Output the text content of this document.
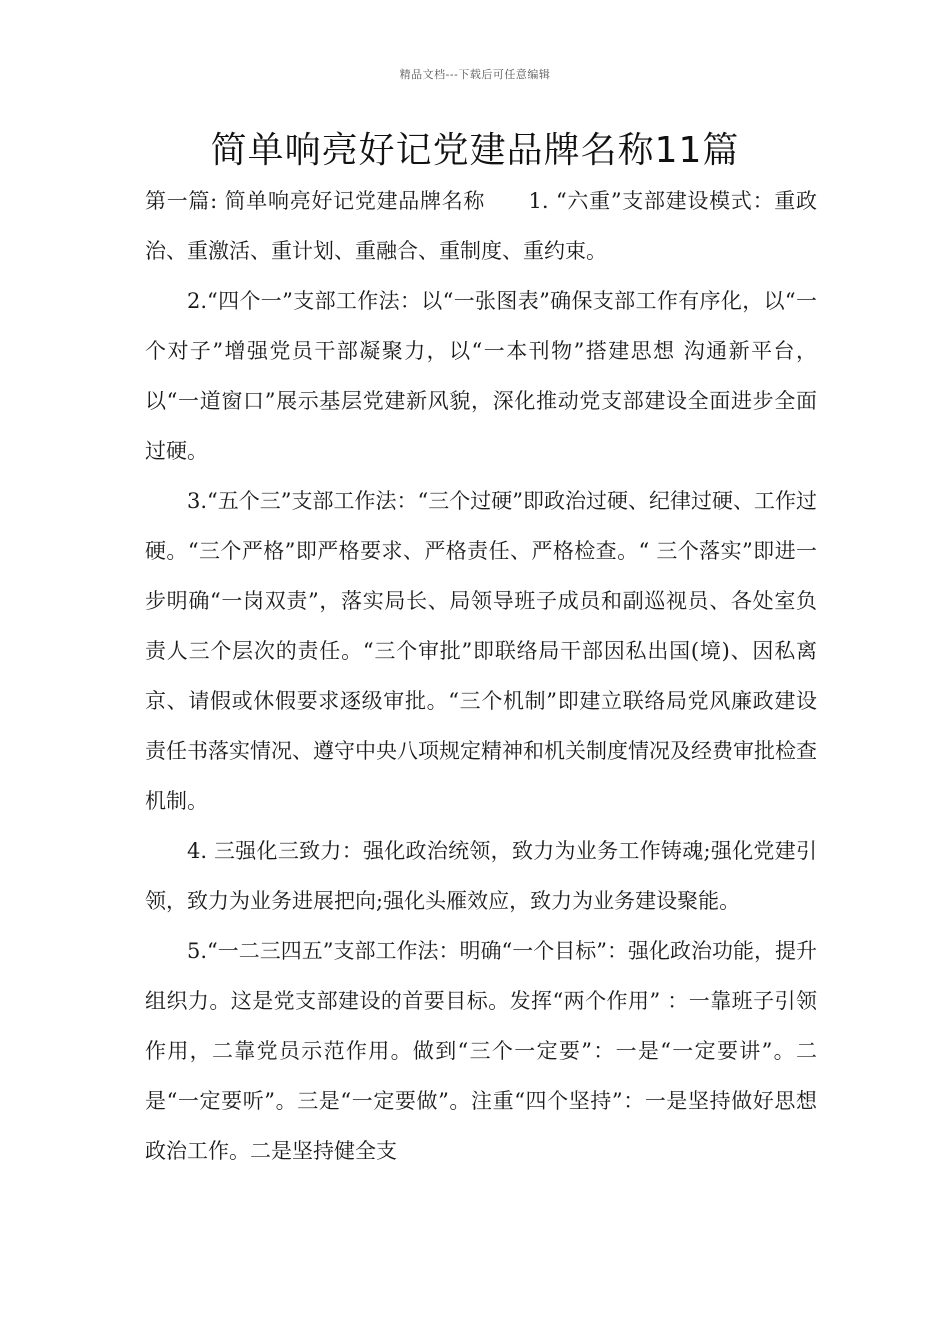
精品文档---下载后可任意编辑
简单响亮好记党建品牌名称11篇

第一篇: 简单响亮好记党建品牌名称　　1. “六重”支部建设模式：重政治、重激活、重计划、重融合、重制度、重约束。

2.“四个一”支部工作法：以“一张图表”确保支部工作有序化，以“一个对子”增强党员干部凝聚力，以“一本刊物”搭建思想 沟通新平台，以“一道窗口”展示基层党建新风貌，深化推动党支部建设全面进步全面过硬。

3.“五个三”支部工作法：“三个过硬”即政治过硬、纪律过硬、工作过硬。“三个严格”即严格要求、严格责任、严格检查。“ 三个落实”即进一步明确“一岗双责”，落实局长、局领导班子成员和副巡视员、各处室负责人三个层次的责任。“三个审批”即联络局干部因私出国(境)、因私离京、请假或休假要求逐级审批。“三个机制”即建立联络局党风廉政建设责任书落实情况、遵守中央八项规定精神和机关制度情况及经费审批检查机制。

4. 三强化三致力：强化政治统领，致力为业务工作铸魂;强化党建引领，致力为业务进展把向;强化头雁效应，致力为业务建设聚能。

5.“一二三四五”支部工作法：明确“一个目标”：强化政治功能，提升组织力。这是党支部建设的首要目标。发挥“两个作用” ：一靠班子引领作用，二靠党员示范作用。做到“三个一定要”：一是“一定要讲”。二是“一定要听”。三是“一定要做”。注重“四个坚持”：一是坚持做好思想政治工作。二是坚持健全支
